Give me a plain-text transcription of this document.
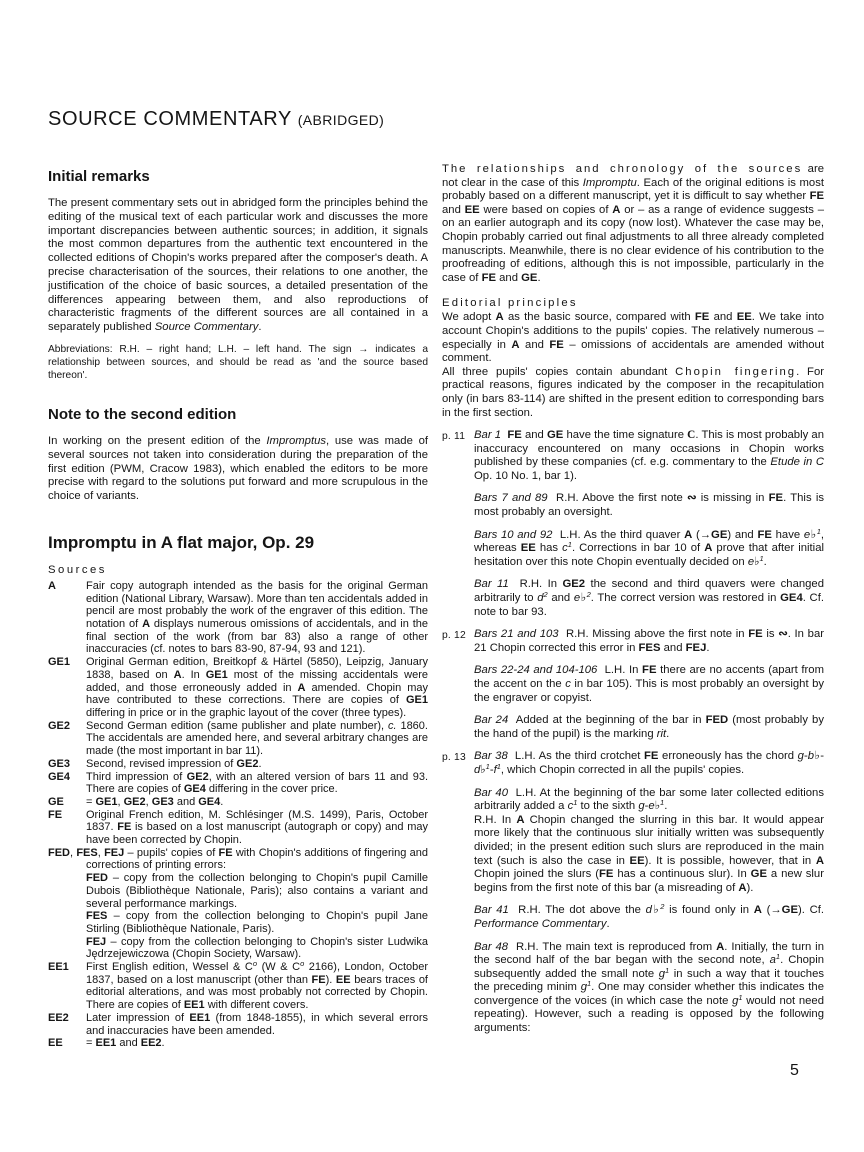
SOURCE COMMENTARY (ABRIDGED)
Initial remarks

The present commentary sets out in abridged form the principles behind the editing of the musical text of each particular work and discusses the more important discrepancies between authentic sources; in addition, it signals the most common departures from the authentic text encountered in the collected editions of Chopin's works prepared after the composer's death. A precise characterisation of the sources, their relations to one another, the justification of the choice of basic sources, a detailed presentation of the differences appearing between them, and also reproductions of characteristic fragments of the different sources are all contained in a separately published Source Commentary.

Abbreviations: R.H. – right hand; L.H. – left hand. The sign → indicates a relationship between sources, and should be read as 'and the source based thereon'.

Note to the second edition

In working on the present edition of the Impromptus, use was made of several sources not taken into consideration during the preparation of the first edition (PWM, Cracow 1983), which enabled the editors to be more precise with regard to the solutions put forward and more scrupulous in the choice of variants.

Impromptu in A flat major, Op. 29
Sources
A	Fair copy autograph intended as the basis for the original German edition (National Library, Warsaw). More than ten accidentals added in pencil are most probably the work of the engraver of this edition. The notation of A displays numerous omissions of accidentals, and in the final section of the work (from bar 83) also a range of other inaccuracies (cf. notes to bars 83-90, 87-94, 93 and 121).
GE1	Original German edition, Breitkopf & Härtel (5850), Leipzig, January 1838, based on A. In GE1 most of the missing accidentals were added, and those erroneously added in A amended. Chopin may have contributed to these corrections. There are copies of GE1 differing in price or in the graphic layout of the cover (three types).
GE2	Second German edition (same publisher and plate number), c. 1860. The accidentals are amended here, and several arbitrary changes are made (the most important in bar 11).
GE3	Second, revised impression of GE2.
GE4	Third impression of GE2, with an altered version of bars 11 and 93. There are copies of GE4 differing in the cover price.
GE	= GE1, GE2, GE3 and GE4.
FE	Original French edition, M. Schlésinger (M.S. 1499), Paris, October 1837. FE is based on a lost manuscript (autograph or copy) and may have been corrected by Chopin.
FED, FES, FEJ – pupils' copies of FE with Chopin's additions of fingering and corrections of printing errors:
FED – copy from the collection belonging to Chopin's pupil Camille Dubois (Bibliothèque Nationale, Paris); also contains a variant and several performance markings.
FES – copy from the collection belonging to Chopin's pupil Jane Stirling (Bibliothèque Nationale, Paris).
FEJ – copy from the collection belonging to Chopin's sister Ludwika Jędrzejewiczowa (Chopin Society, Warsaw).
EE1	First English edition, Wessel & $C^o$ (W & $C^o$ 2166), London, October 1837, based on a lost manuscript (other than FE). EE bears traces of editorial alterations, and was most probably not corrected by Chopin. There are copies of EE1 with different covers.
EE2	Later impression of EE1 (from 1848-1855), in which several errors and inaccuracies have been amended.
EE	= EE1 and EE2.

The relationships and chronology of the sources are not clear in the case of this Impromptu. Each of the original editions is most probably based on a different manuscript, yet it is difficult to say whether FE and EE were based on copies of A or – as a range of evidence suggests – on an earlier autograph and its copy (now lost). Whatever the case may be, Chopin probably carried out final adjustments to all three already completed manuscripts. Meanwhile, there is no clear evidence of his contribution to the proofreading of editions, although this is not impossible, particularly in the case of FE and GE.

Editorial principles

We adopt A as the basic source, compared with FE and EE. We take into account Chopin's additions to the pupils' copies. The relatively numerous – especially in A and FE – omissions of accidentals are amended without comment.

All three pupils' copies contain abundant Chopin fingering. For practical reasons, figures indicated by the composer in the recapitulation only (in bars 83-114) are shifted in the present edition to corresponding bars in the first section.

p. 11 Bar 1 FE and GE have the time signature C. This is most probably an inaccuracy encountered on many occasions in Chopin works published by these companies (cf. e.g. commentary to the Etude in C Op. 10 No. 1, bar 1).
Bars 7 and 89  R.H. Above the first note ∾ is missing in FE. This is most probably an oversight.
Bars 10 and 92  L.H. As the third quaver A (→GE) and FE have e♭$^1$, whereas EE has $c^1$. Corrections in bar 10 of A prove that after initial hesitation over this note Chopin eventually decided on e♭$^1$.
Bar 11  R.H. In GE2 the second and third quavers were changed arbitrarily to $d^2$ and e♭$^2$. The correct version was restored in GE4. Cf. note to bar 93.
p. 12 Bars 21 and 103  R.H. Missing above the first note in FE is ∾. In bar 21 Chopin corrected this error in FES and FEJ.
Bars 22-24 and 104-106  L.H. In FE there are no accents (apart from the accent on the c in bar 105). This is most probably an oversight by the engraver or copyist.
Bar 24  Added at the beginning of the bar in FED (most probably by the hand of the pupil) is the marking rit.
p. 13 Bar 38  L.H. As the third crotchet FE erroneously has the chord $g-b♭-d♭^1-f^1$, which Chopin corrected in all the pupils' copies.
Bar 40  L.H. At the beginning of the bar some later collected editions arbitrarily added a $c^1$ to the sixth g-e♭$^1$.
R.H. In A Chopin changed the slurring in this bar. It would appear more likely that the continuous slur initially written was subsequently divided; in the present edition such slurs are reproduced in the main text (such is also the case in EE). It is possible, however, that in A Chopin joined the slurs (FE has a continuous slur). In GE a new slur begins from the first note of this bar (a misreading of A).
Bar 41  R.H. The dot above the d♭$^2$ is found only in A (→GE). Cf. Performance Commentary.
Bar 48  R.H. The main text is reproduced from A. Initially, the turn in the second half of the bar began with the second note, $a^1$. Chopin subsequently added the small note $g^1$ in such a way that it touches the preceding minim $g^1$. One may consider whether this indicates the convergence of the voices (in which case the note $g^1$ would not need repeating). However, such a reading is opposed by the following arguments:
5
